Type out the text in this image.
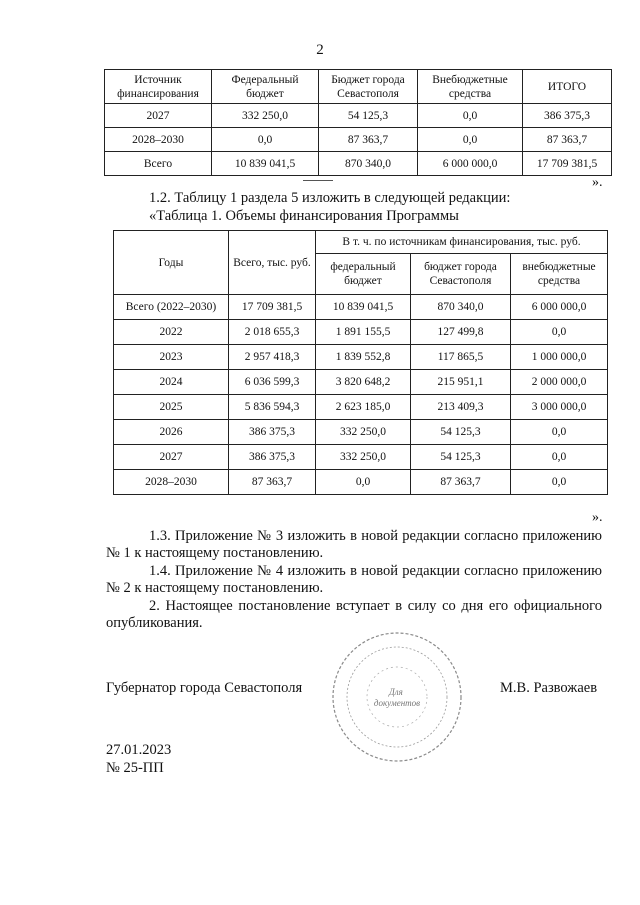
2
Источник финансирования	Федеральный бюджет	Бюджет города Севастополя	Внебюджетные средства	ИТОГО
2027	332 250,0	54 125,3	0,0	386 375,3
2028–2030	0,0	87 363,7	0,0	87 363,7
Всего	10 839 041,5	870 340,0	6 000 000,0	17 709 381,5
».
1.2. Таблицу 1 раздела 5 изложить в следующей редакции:
«Таблица 1. Объемы финансирования Программы
Годы	Всего, тыс. руб.	В т. ч. по источникам финансирования, тыс. руб.		
		федеральный бюджет	бюджет города Севастополя	внебюджетные средства
Всего (2022–2030)	17 709 381,5	10 839 041,5	870 340,0	6 000 000,0
2022	2 018 655,3	1 891 155,5	127 499,8	0,0
2023	2 957 418,3	1 839 552,8	117 865,5	1 000 000,0
2024	6 036 599,3	3 820 648,2	215 951,1	2 000 000,0
2025	5 836 594,3	2 623 185,0	213 409,3	3 000 000,0
2026	386 375,3	332 250,0	54 125,3	0,0
2027	386 375,3	332 250,0	54 125,3	0,0
2028–2030	87 363,7	0,0	87 363,7	0,0
».
1.3. Приложение № 3 изложить в новой редакции согласно приложению № 1 к настоящему постановлению.
1.4. Приложение № 4 изложить в новой редакции согласно приложению № 2 к настоящему постановлению.
2. Настоящее постановление вступает в силу со дня его официального опубликования.
Для документов
Губернатор города Севастополя	М.В. Развожаев
27.01.2023
№ 25-ПП
